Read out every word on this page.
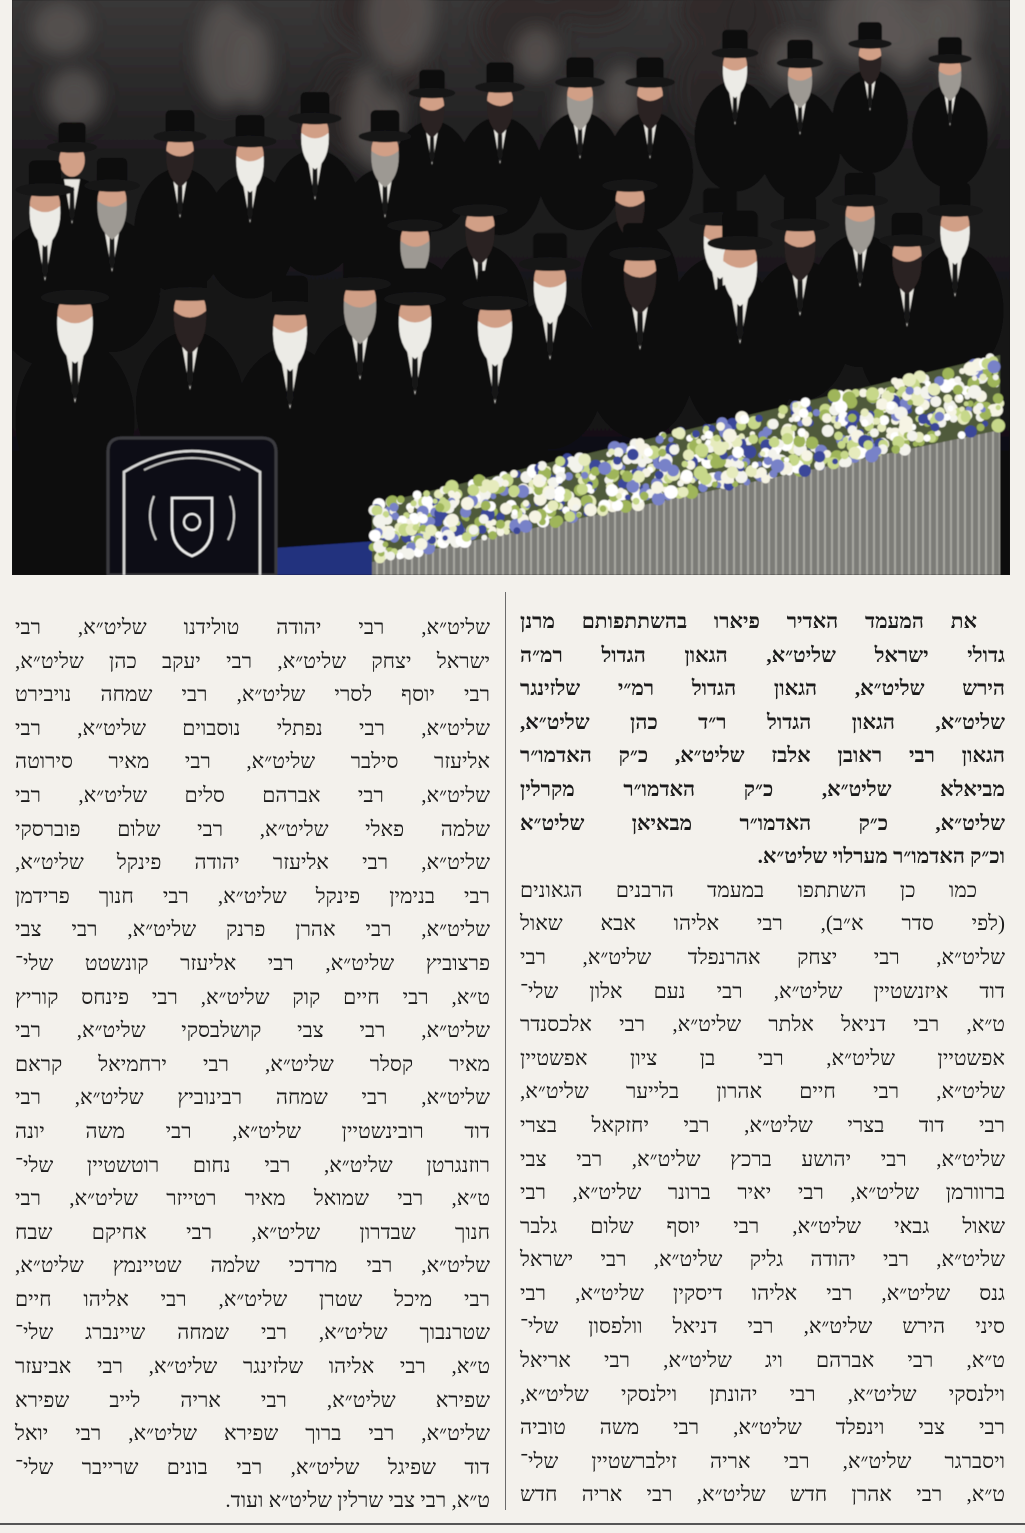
את המעמד האדיר פיארו בהשתתפותם מרנן
גדולי ישראל שליט״א, הגאון הגדול רמ״ה
הירש שליט״א, הגאון הגדול רמ״י שלזינגר
שליט״א, הגאון הגדול ר״ד כהן שליט״א,
הגאון רבי ראובן אלבז שליט״א, כ״ק האדמו״ר
מביאלא שליט״א, כ״ק האדמו״ר מקרלין
שליט״א, כ״ק האדמו״ר מבאיאן שליט״א
וכ״ק האדמו״ר מערלוי שליט״א.
כמו כן השתתפו במעמד הרבנים הגאונים
(לפי סדר א״ב), רבי אליהו אבא שאול
שליט״א, רבי יצחק אהרנפלד שליט״א, רבי
דוד איזנשטיין שליט״א, רבי נעם אלון שלי־
ט״א, רבי דניאל אלתר שליט״א, רבי אלכסנדר
אפשטיין שליט״א, רבי בן ציון אפשטיין
שליט״א, רבי חיים אהרון בלייער שליט״א,
רבי דוד בצרי שליט״א, רבי יחזקאל בצרי
שליט״א, רבי יהושע ברכץ שליט״א, רבי צבי
ברוורמן שליט״א, רבי יאיר ברונר שליט״א, רבי
שאול גבאי שליט״א, רבי יוסף שלום גלבר
שליט״א, רבי יהודה גליק שליט״א, רבי ישראל
גנס שליט״א, רבי אליהו דיסקין שליט״א, רבי
סיני הירש שליט״א, רבי דניאל וולפסון שלי־
ט״א, רבי אברהם ויג שליט״א, רבי אריאל
וילנסקי שליט״א, רבי יהונתן וילנסקי שליט״א,
רבי צבי וינפלד שליט״א, רבי משה טוביה
ויסברגר שליט״א, רבי אריה זילברשטיין שלי־
ט״א, רבי אהרן חדש שליט״א, רבי אריה חדש
שליט״א, רבי יהודה טולידנו שליט״א, רבי
ישראל יצחק שליט״א, רבי יעקב כהן שליט״א,
רבי יוסף לסרי שליט״א, רבי שמחה נויבירט
שליט״א, רבי נפתלי נוסבוים שליט״א, רבי
אליעזר סילבר שליט״א, רבי מאיר סירוטה
שליט״א, רבי אברהם סלים שליט״א, רבי
שלמה פאלי שליט״א, רבי שלום פוברסקי
שליט״א, רבי אליעזר יהודה פינקל שליט״א,
רבי בנימין פינקל שליט״א, רבי חנוך פרידמן
שליט״א, רבי אהרן פרנק שליט״א, רבי צבי
פרצוביץ שליט״א, רבי אליעזר קונשטט שלי־
ט״א, רבי חיים קוק שליט״א, רבי פינחס קוריץ
שליט״א, רבי צבי קושלבסקי שליט״א, רבי
מאיר קסלר שליט״א, רבי ירחמיאל קראם
שליט״א, רבי שמחה רבינוביץ שליט״א, רבי
דוד רובינשטיין שליט״א, רבי משה יונה
רוזנגרטן שליט״א, רבי נחום רוטשטיין שלי־
ט״א, רבי שמואל מאיר רטייזר שליט״א, רבי
חנוך שבדרון שליט״א, רבי אחיקם שבח
שליט״א, רבי מרדכי שלמה שטיינמץ שליט״א,
רבי מיכל שטרן שליט״א, רבי אליהו חיים
שטרנבוך שליט״א, רבי שמחה שיינברג שלי־
ט״א, רבי אליהו שלזינגר שליט״א, רבי אביעזר
שפירא שליט״א, רבי אריה לייב שפירא
שליט״א, רבי ברוך שפירא שליט״א, רבי יואל
דוד שפיגל שליט״א, רבי בונים שרייבר שלי־
ט״א, רבי צבי שרלין שליט״א ועוד.
